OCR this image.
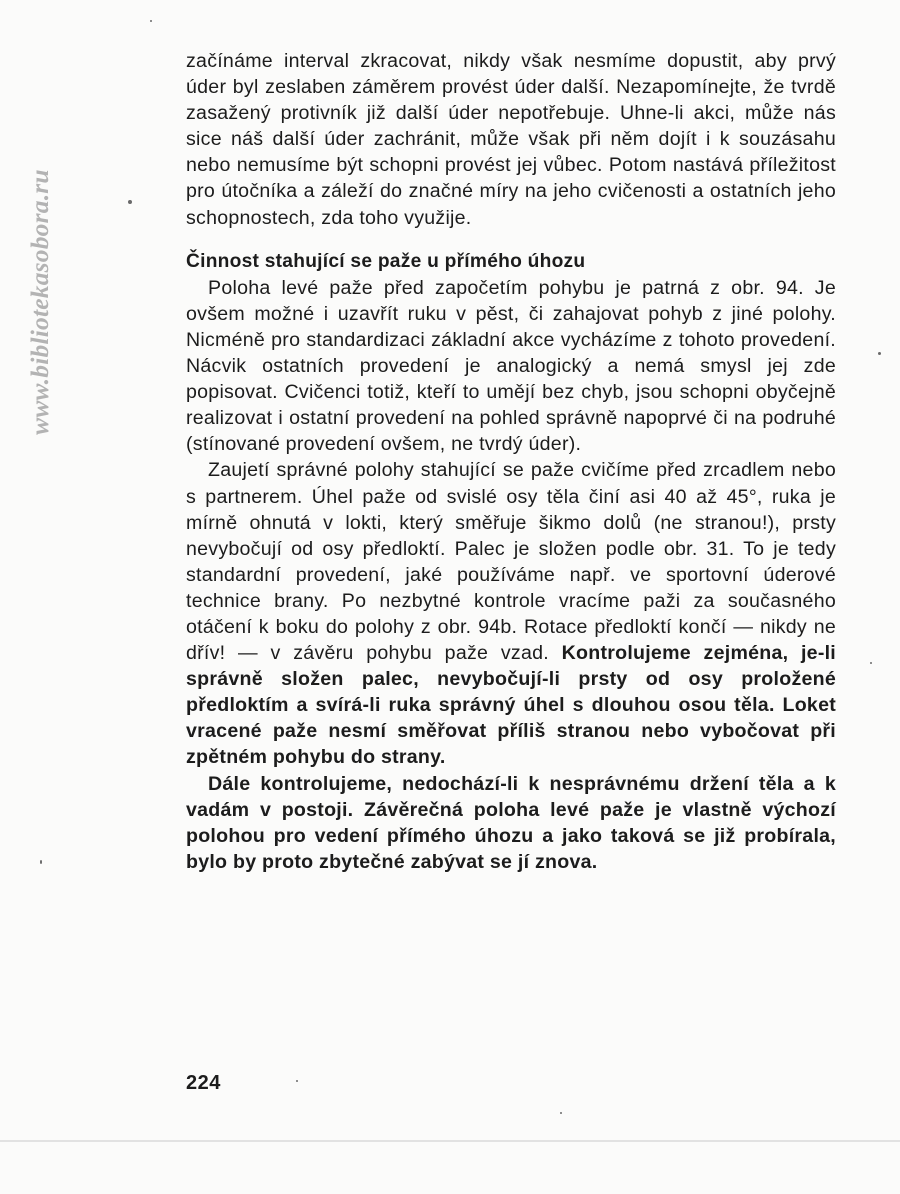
www.bibliotekasobora.ru

začínáme interval zkracovat, nikdy však nesmíme dopustit, aby prvý úder byl zeslaben záměrem provést úder další. Nezapomínejte, že tvrdě zasažený protivník již další úder nepotřebuje. Uhne-li akci, může nás sice náš další úder zachránit, může však při něm dojít i k souzásahu nebo nemusíme být schopni provést jej vůbec. Potom nastává příležitost pro útočníka a záleží do značné míry na jeho cvičenosti a ostatních jeho schopnostech, zda toho využije.

Činnost stahující se paže u přímého úhozu

Poloha levé paže před započetím pohybu je patrná z obr. 94. Je ovšem možné i uzavřít ruku v pěst, či zahajovat pohyb z jiné polohy. Nicméně pro standardizaci základní akce vycházíme z tohoto provedení. Nácvik ostatních provedení je analogický a nemá smysl jej zde popisovat. Cvičenci totiž, kteří to umějí bez chyb, jsou schopni obyčejně realizovat i ostatní provedení na pohled správně napoprvé či na podruhé (stínované provedení ovšem, ne tvrdý úder).

Zaujetí správné polohy stahující se paže cvičíme před zrcadlem nebo s partnerem. Úhel paže od svislé osy těla činí asi 40 až 45°, ruka je mírně ohnutá v lokti, který směřuje šikmo dolů (ne stranou!), prsty nevybočují od osy předloktí. Palec je složen podle obr. 31. To je tedy standardní provedení, jaké používáme např. ve sportovní úderové technice brany. Po nezbytné kontrole vracíme paži za současného otáčení k boku do polohy z obr. 94b. Rotace předloktí končí — nikdy ne dřív! — v závěru pohybu paže vzad. Kontrolujeme zejména, je-li správně složen palec, nevybočují-li prsty od osy proložené předloktím a svírá-li ruka správný úhel s dlouhou osou těla. Loket vracené paže nesmí směřovat příliš stranou nebo vybočovat při zpětném pohybu do strany.

Dále kontrolujeme, nedochází-li k nesprávnému držení těla a k vadám v postoji. Závěrečná poloha levé paže je vlastně výchozí polohou pro vedení přímého úhozu a jako taková se již probírala, bylo by proto zbytečné zabývat se jí znova.

224
